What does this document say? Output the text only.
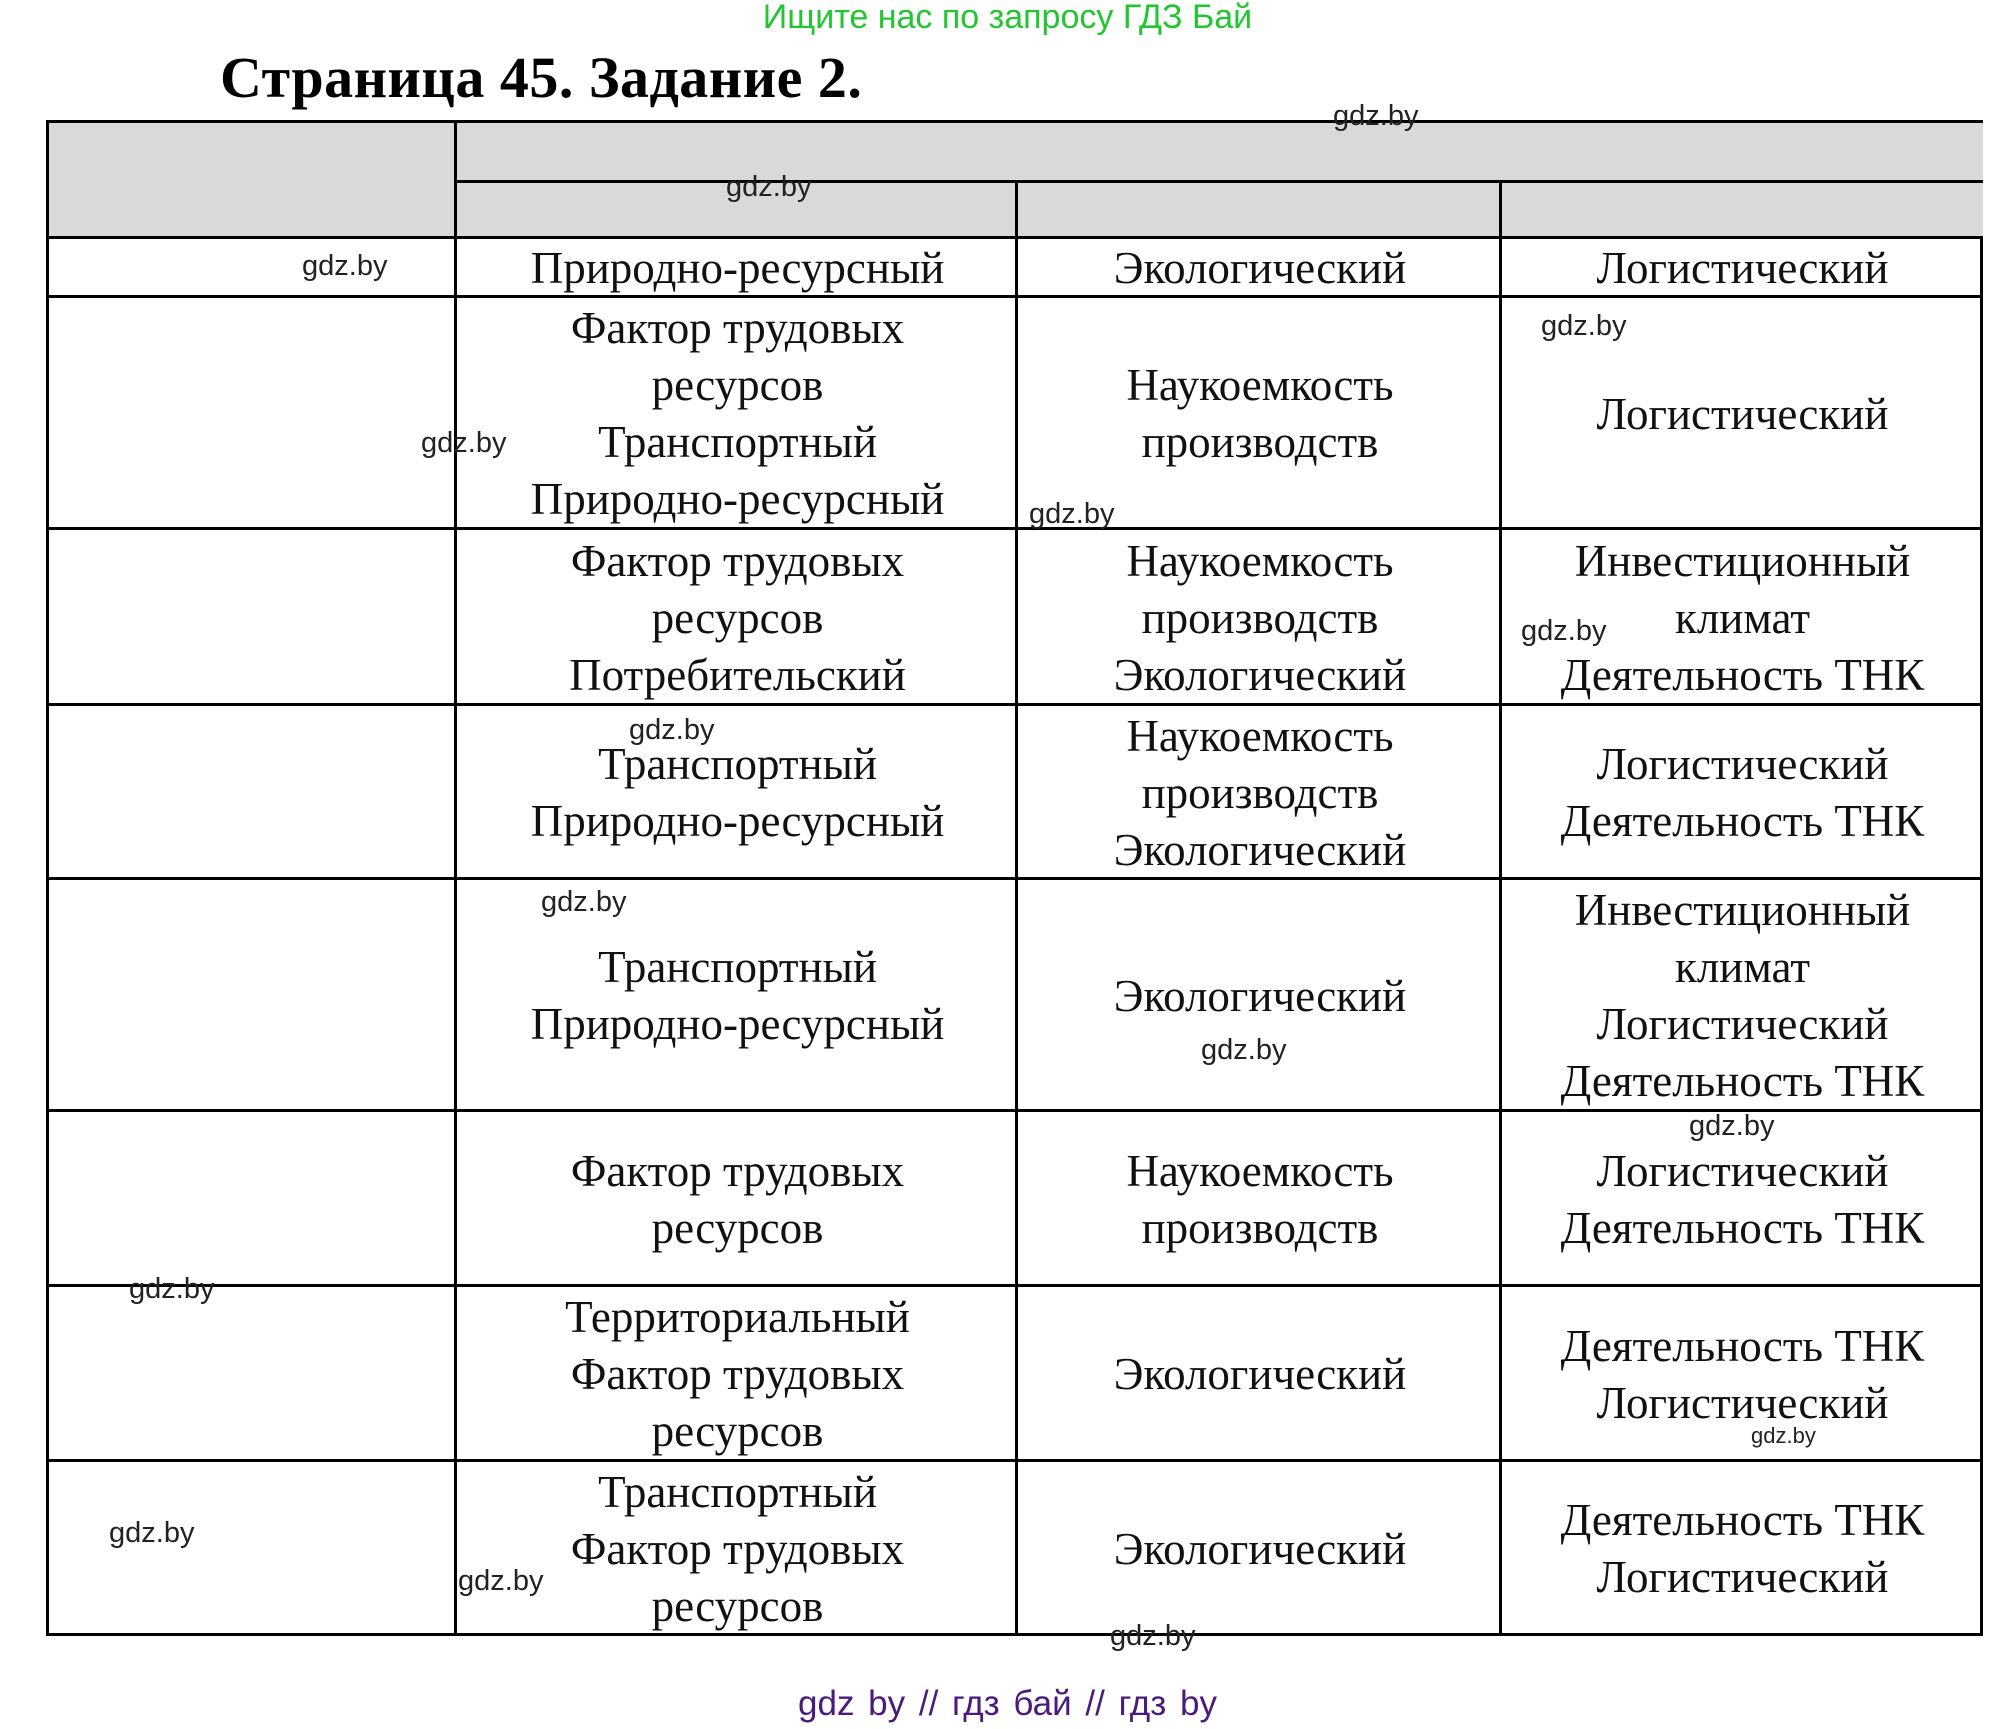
Ищите нас по запросу ГДЗ Бай
Страница 45. Задание 2.
Природно-ресурсный	Экологический	Логистический
Фактор трудовых
ресурсов
Транспортный
Природно-ресурсный
Наукоемкость
производств
Логистический
Фактор трудовых
ресурсов
Потребительский
Наукоемкость
производств
Экологический
Инвестиционный
климат
Деятельность ТНК
Транспортный
Природно-ресурсный
Наукоемкость
производств
Экологический
Логистический
Деятельность ТНК
Транспортный
Природно-ресурсный
Экологический
Инвестиционный
климат
Логистический
Деятельность ТНК
Фактор трудовых
ресурсов
Наукоемкость
производств
Логистический
Деятельность ТНК
Территориальный
Фактор трудовых
ресурсов
Экологический
Деятельность ТНК
Логистический
Транспортный
Фактор трудовых
ресурсов
Экологический
Деятельность ТНК
Логистический
gdz.by
gdz.by
gdz.by
gdz.by
gdz.by
gdz.by
gdz.by
gdz.by
gdz.by
gdz.by
gdz.by
gdz.by
gdz.by
gdz.by
gdz.by
gdz.by
gdz by // гдз бай // гдз by
